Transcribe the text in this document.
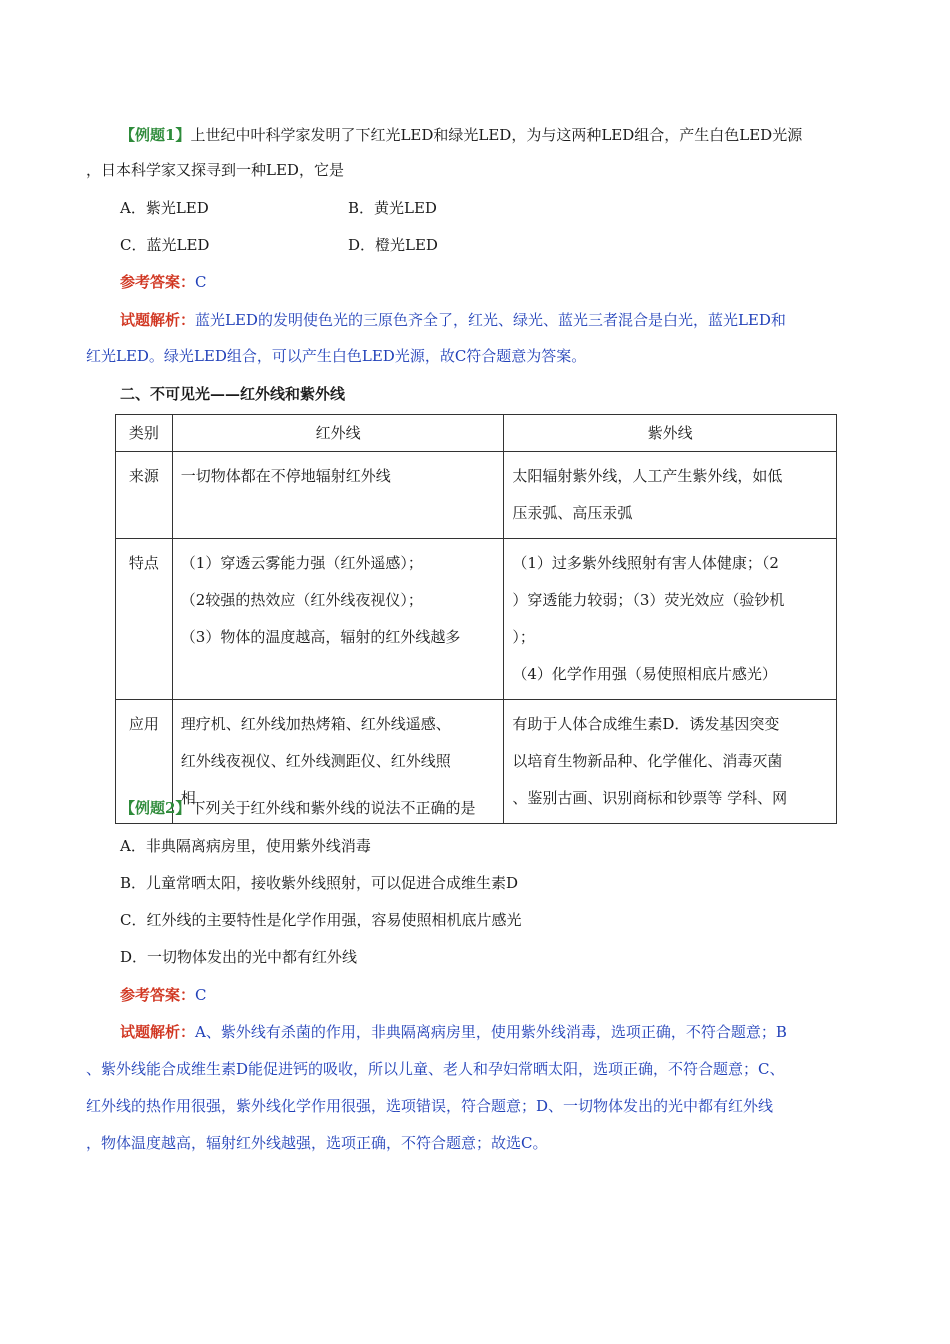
【例题1】上世纪中叶科学家发明了下红光LED和绿光LED，为与这两种LED组合，产生白色LED光源
，日本科学家又探寻到一种LED，它是
A．紫光LED	B．黄光LED
C．蓝光LED	D．橙光LED
参考答案：C
试题解析：蓝光LED的发明使色光的三原色齐全了，红光、绿光、蓝光三者混合是白光，蓝光LED和
红光LED。绿光LED组合，可以产生白色LED光源，故C符合题意为答案。
二、不可见光——红外线和紫外线
类别	红外线	紫外线
来源	一切物体都在不停地辐射红外线	太阳辐射紫外线，人工产生紫外线，如低
压汞弧、高压汞弧

特点	（1）穿透云雾能力强（红外遥感）；
（2较强的热效应（红外线夜视仪）；
（3）物体的温度越高，辐射的红外线越多	（1）过多紫外线照射有害人体健康；（2
）穿透能力较弱；（3）荧光效应（验钞机
）；
（4）化学作用强（易使照相底片感光）

应用	理疗机、红外线加热烤箱、红外线遥感、
红外线夜视仪、红外线测距仪、红外线照
相	有助于人体合成维生素D．诱发基因突变
以培育生物新品种、化学催化、消毒灭菌
、鉴别古画、识别商标和钞票等 学科、网
【例题2】下列关于红外线和紫外线的说法不正确的是
A．非典隔离病房里，使用紫外线消毒
B．儿童常晒太阳，接收紫外线照射，可以促进合成维生素D
C．红外线的主要特性是化学作用强，容易使照相机底片感光
D．一切物体发出的光中都有红外线
参考答案：C
试题解析：A、紫外线有杀菌的作用，非典隔离病房里，使用紫外线消毒，选项正确，不符合题意；B
、紫外线能合成维生素D能促进钙的吸收，所以儿童、老人和孕妇常晒太阳，选项正确，不符合题意；C、
红外线的热作用很强，紫外线化学作用很强，选项错误，符合题意；D、一切物体发出的光中都有红外线
，物体温度越高，辐射红外线越强，选项正确，不符合题意；故选C。
